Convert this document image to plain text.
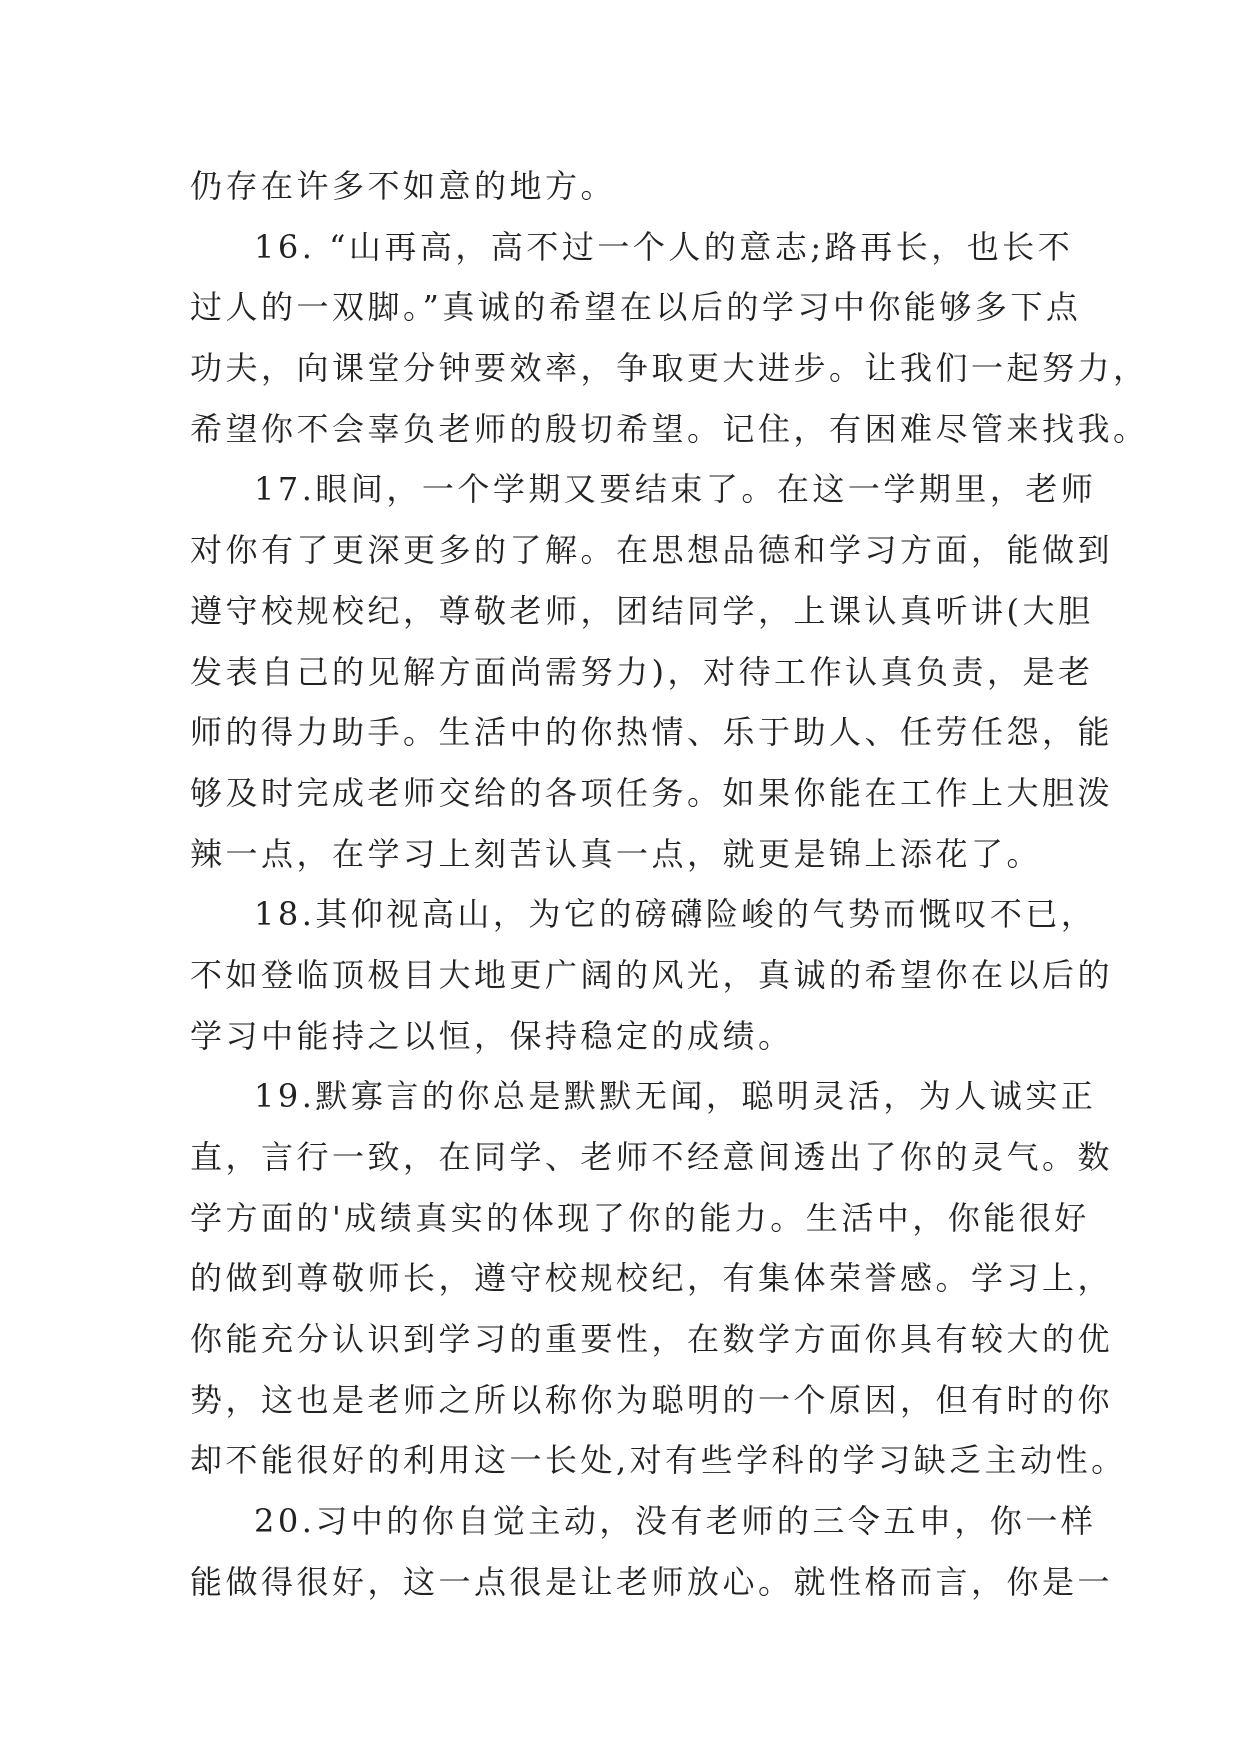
仍存在许多不如意的地方。
16. “山再高，高不过一个人的意志;路再长，也长不
过人的一双脚。”真诚的希望在以后的学习中你能够多下点
功夫，向课堂分钟要效率，争取更大进步。让我们一起努力，
希望你不会辜负老师的殷切希望。记住，有困难尽管来找我。
17.眼间，一个学期又要结束了。在这一学期里，老师
对你有了更深更多的了解。在思想品德和学习方面，能做到
遵守校规校纪，尊敬老师，团结同学，上课认真听讲(大胆
发表自己的见解方面尚需努力)，对待工作认真负责，是老
师的得力助手。生活中的你热情、乐于助人、任劳任怨，能
够及时完成老师交给的各项任务。如果你能在工作上大胆泼
辣一点，在学习上刻苦认真一点，就更是锦上添花了。
18.其仰视高山，为它的磅礴险峻的气势而慨叹不已，
不如登临顶极目大地更广阔的风光，真诚的希望你在以后的
学习中能持之以恒，保持稳定的成绩。
19.默寡言的你总是默默无闻，聪明灵活，为人诚实正
直，言行一致，在同学、老师不经意间透出了你的灵气。数
学方面的'成绩真实的体现了你的能力。生活中，你能很好
的做到尊敬师长，遵守校规校纪，有集体荣誉感。学习上，
你能充分认识到学习的重要性，在数学方面你具有较大的优
势，这也是老师之所以称你为聪明的一个原因，但有时的你
却不能很好的利用这一长处,对有些学科的学习缺乏主动性。
20.习中的你自觉主动，没有老师的三令五申，你一样
能做得很好，这一点很是让老师放心。就性格而言，你是一
